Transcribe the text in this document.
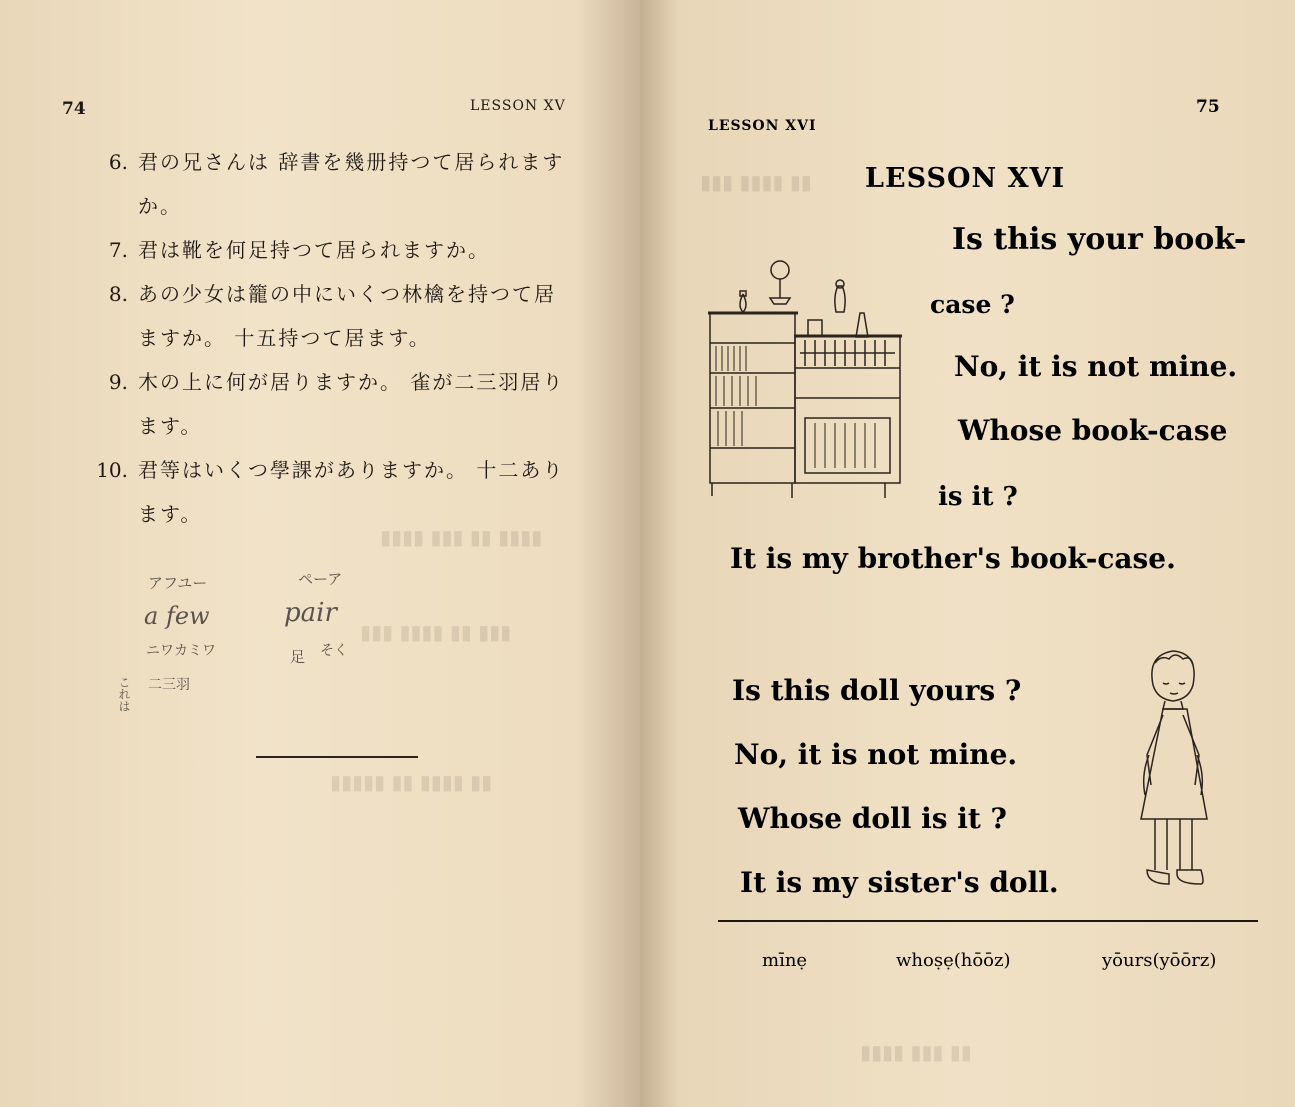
74	LESSON XV
▮▮▮▮ ▮▮▮ ▮▮ ▮▮▮▮
▮▮▮ ▮▮▮▮ ▮▮ ▮▮▮
▮▮▮▮▮ ▮▮ ▮▮▮▮ ▮▮
6. 君の兄さんは 辞書を幾册持つて居られます
か。
7. 君は靴を何足持つて居られますか。
8. あの少女は籠の中にいくつ林檎を持つて居
ますか。 十五持つて居ます。
9. 木の上に何が居りますか。 雀が二三羽居り
ます。
10. 君等はいくつ學課がありますか。 十二あり
ます。
アフユー	ペーア
a few	pair
ニワカミワ	足 そく
二三羽
これは
LESSON XVI
75
▮▮▮ ▮▮▮▮ ▮▮
▮▮▮▮ ▮▮▮ ▮▮
LESSON XVI
Is this your book-
case ?
No, it is not mine.
Whose book-case
is it ?
It is my brother's book-case.
Is this doll yours ?
No, it is not mine.
Whose doll is it ?
It is my sister's doll.
mīnẹ	whoṣẹ(hōōz)	yōurs(yōōrz)
